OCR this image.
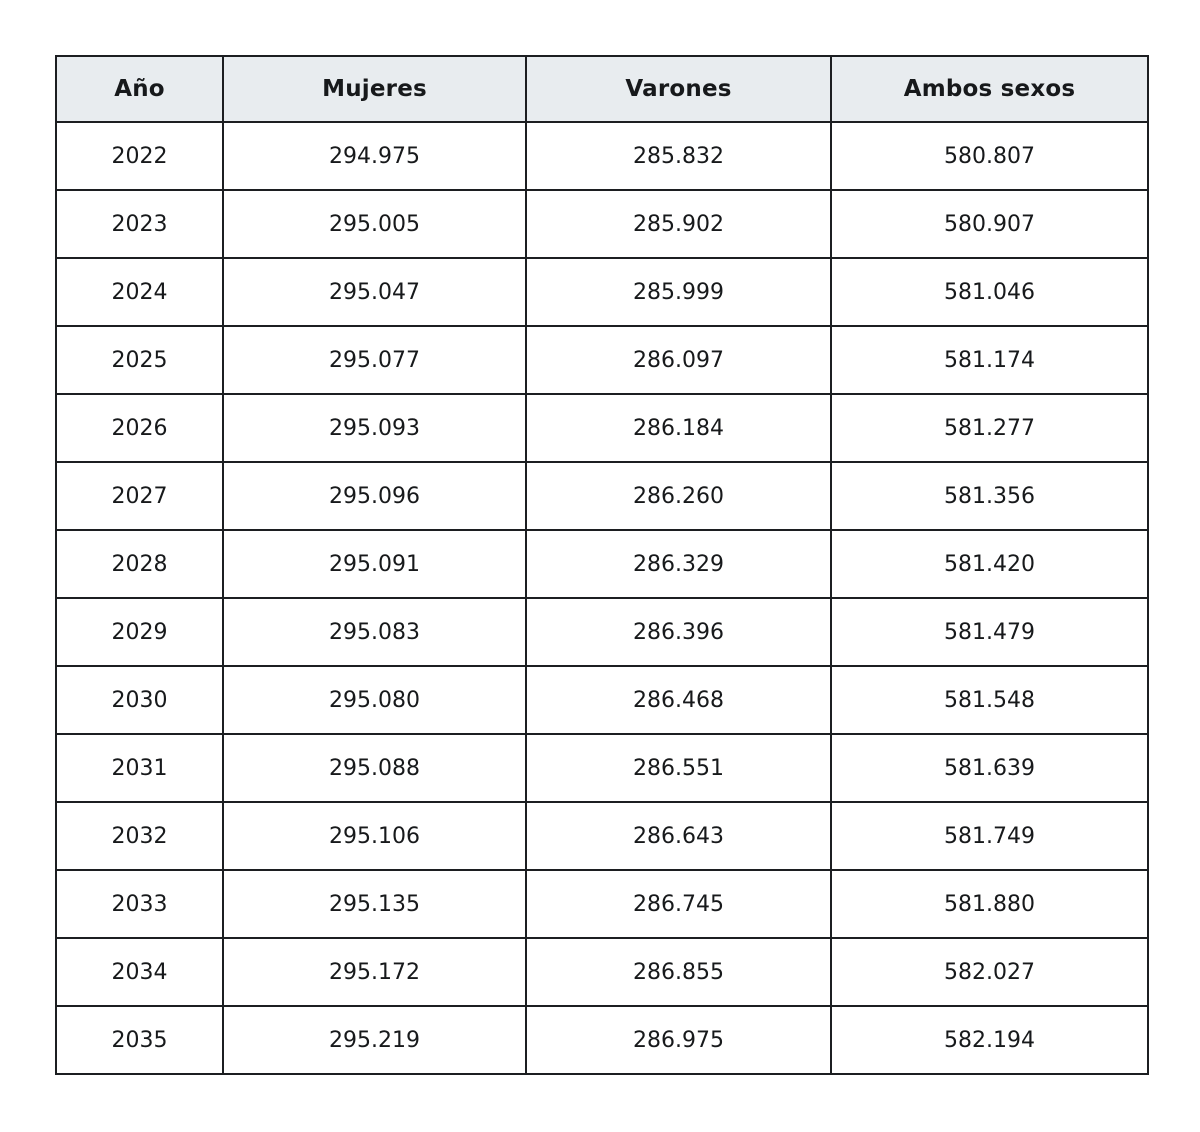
Año	Mujeres	Varones	Ambos sexos
2022	294.975	285.832	580.807
2023	295.005	285.902	580.907
2024	295.047	285.999	581.046
2025	295.077	286.097	581.174
2026	295.093	286.184	581.277
2027	295.096	286.260	581.356
2028	295.091	286.329	581.420
2029	295.083	286.396	581.479
2030	295.080	286.468	581.548
2031	295.088	286.551	581.639
2032	295.106	286.643	581.749
2033	295.135	286.745	581.880
2034	295.172	286.855	582.027
2035	295.219	286.975	582.194
